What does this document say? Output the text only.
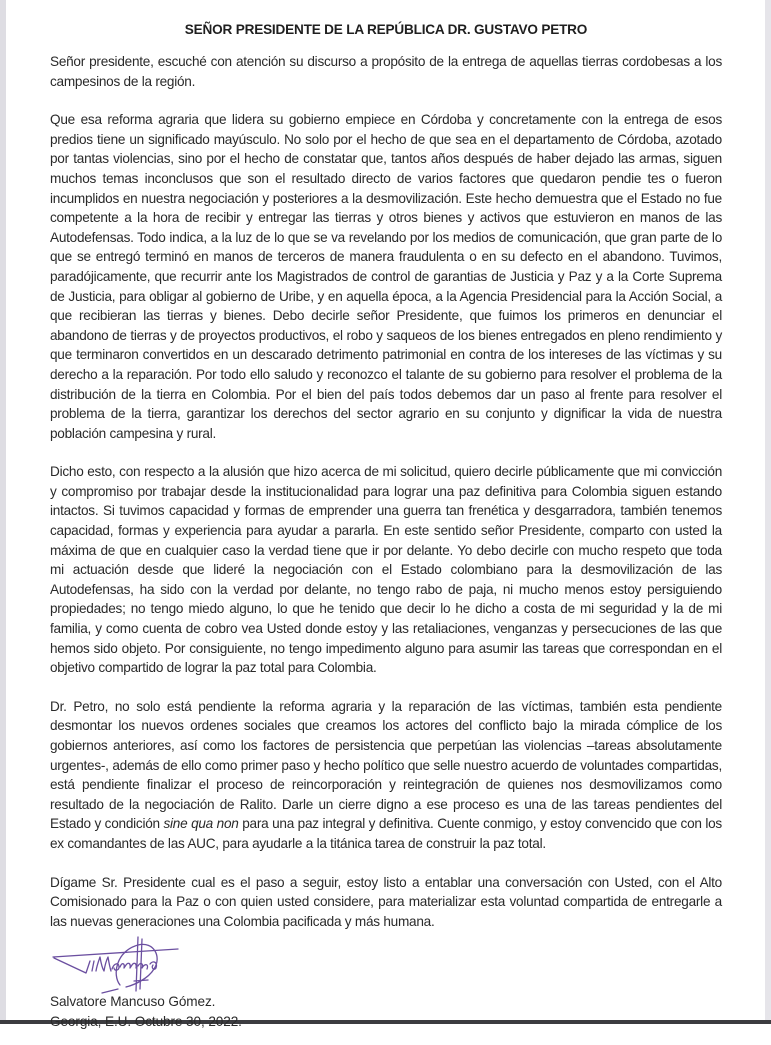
SEÑOR PRESIDENTE DE LA REPÚBLICA DR. GUSTAVO PETRO

Señor presidente, escuché con atención su discurso a propósito de la entrega de aquellas tierras cordobesas a los campesinos de la región.

Que esa reforma agraria que lidera su gobierno empiece en Córdoba y concretamente con la entrega de esos predios tiene un significado mayúsculo. No solo por el hecho de que sea en el departamento de Córdoba, azotado por tantas violencias, sino por el hecho de constatar que, tantos años después de haber dejado las armas, siguen muchos temas inconclusos que son el resultado directo de varios factores que quedaron pendie tes o fueron incumplidos en nuestra negociación y posteriores a la desmovilización. Este hecho demuestra que el Estado no fue competente a la hora de recibir y entregar las tierras y otros bienes y activos que estuvieron en manos de las Autodefensas. Todo indica, a la luz de lo que se va revelando por los medios de comunicación, que gran parte de lo que se entregó terminó en manos de terceros de manera fraudulenta o en su defecto en el abandono. Tuvimos, paradójicamente, que recurrir ante los Magistrados de control de garantias de Justicia y Paz y a la Corte Suprema de Justicia, para obligar al gobierno de Uribe, y en aquella época, a la Agencia Presidencial para la Acción Social, a que recibieran las tierras y bienes. Debo decirle señor Presidente, que fuimos los primeros en denunciar el abandono de tierras y de proyectos productivos, el robo y saqueos de los bienes entregados en pleno rendimiento y que terminaron convertidos en un descarado detrimento patrimonial en contra de los intereses de las víctimas y su derecho a la reparación. Por todo ello saludo y reconozco el talante de su gobierno para resolver el problema de la distribución de la tierra en Colombia. Por el bien del país todos debemos dar un paso al frente para resolver el problema de la tierra, garantizar los derechos del sector agrario en su conjunto y dignificar la vida de nuestra población campesina y rural.

Dicho esto, con respecto a la alusión que hizo acerca de mi solicitud, quiero decirle públicamente que mi convicción y compromiso por trabajar desde la institucionalidad para lograr una paz definitiva para Colombia siguen estando intactos. Si tuvimos capacidad y formas de emprender una guerra tan frenética y desgarradora, también tenemos capacidad, formas y experiencia para ayudar a pararla. En este sentido señor Presidente, comparto con usted la máxima de que en cualquier caso la verdad tiene que ir por delante. Yo debo decirle con mucho respeto que toda mi actuación desde que lideré la negociación con el Estado colombiano para la desmovilización de las Autodefensas, ha sido con la verdad por delante, no tengo rabo de paja, ni mucho menos estoy persiguiendo propiedades; no tengo miedo alguno, lo que he tenido que decir lo he dicho a costa de mi seguridad y la de mi familia, y como cuenta de cobro vea Usted donde estoy y las retaliaciones, venganzas y persecuciones de las que hemos sido objeto. Por consiguiente, no tengo impedimento alguno para asumir las tareas que correspondan en el objetivo compartido de lograr la paz total para Colombia.

Dr. Petro, no solo está pendiente la reforma agraria y la reparación de las víctimas, también esta pendiente desmontar los nuevos ordenes sociales que creamos los actores del conflicto bajo la mirada cómplice de los gobiernos anteriores, así como los factores de persistencia que perpetúan las violencias –tareas absolutamente urgentes-, además de ello como primer paso y hecho político que selle nuestro acuerdo de voluntades compartidas, está pendiente finalizar el proceso de reincorporación y reintegración de quienes nos desmovilizamos como resultado de la negociación de Ralito. Darle un cierre digno a ese proceso es una de las tareas pendientes del Estado y condición sine qua non para una paz integral y definitiva. Cuente conmigo, y estoy convencido que con los ex comandantes de las AUC, para ayudarle a la titánica tarea de construir la paz total.

Dígame Sr. Presidente cual es el paso a seguir, estoy listo a entablar una conversación con Usted, con el Alto Comisionado para la Paz o con quien usted considere, para materializar esta voluntad compartida de entregarle a las nuevas generaciones una Colombia pacificada y más humana.

Salvatore Mancuso Gómez.
Georgia, E.U. Octubre 30, 2022.
